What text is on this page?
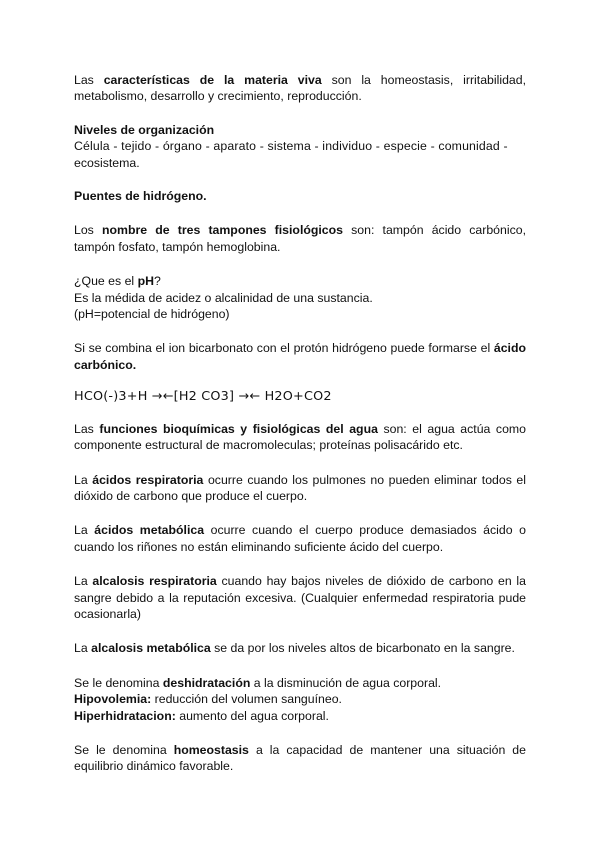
Las características de la materia viva son la homeostasis, irritabilidad, metabolismo, desarrollo y crecimiento, reproducción.

Niveles de organización

Célula - tejido - órgano - aparato - sistema - individuo - especie - comunidad -

ecosistema.

Puentes de hidrógeno.

Los nombre de tres tampones fisiológicos son: tampón ácido carbónico, tampón fosfato, tampón hemoglobina.

¿Que es el pH?

Es la médida de acidez o alcalinidad de una sustancia.

(pH=potencial de hidrógeno)

Si se combina el ion bicarbonato con el protón hidrógeno puede formarse el ácido carbónico.

HCO(-)3+H →←[H2 CO3] →← H2O+CO2

Las funciones bioquímicas y fisiológicas del agua son: el agua actúa como componente estructural de macromoleculas; proteínas polisacárido etc.

La ácidos respiratoria ocurre cuando los pulmones no pueden eliminar todos el dióxido de carbono que produce el cuerpo.

La ácidos metabólica ocurre cuando el cuerpo produce demasiados ácido o cuando los riñones no están eliminando suficiente ácido del cuerpo.

La alcalosis respiratoria cuando hay bajos niveles de dióxido de carbono en la sangre debido a la reputación excesiva. (Cualquier enfermedad respiratoria pude ocasionarla)

La alcalosis metabólica se da por los niveles altos de bicarbonato en la sangre.

Se le denomina deshidratación a la disminución de agua corporal.

Hipovolemia: reducción del volumen sanguíneo.

Hiperhidratacion: aumento del agua corporal.

Se le denomina homeostasis a la capacidad de mantener una situación de equilibrio dinámico favorable.
